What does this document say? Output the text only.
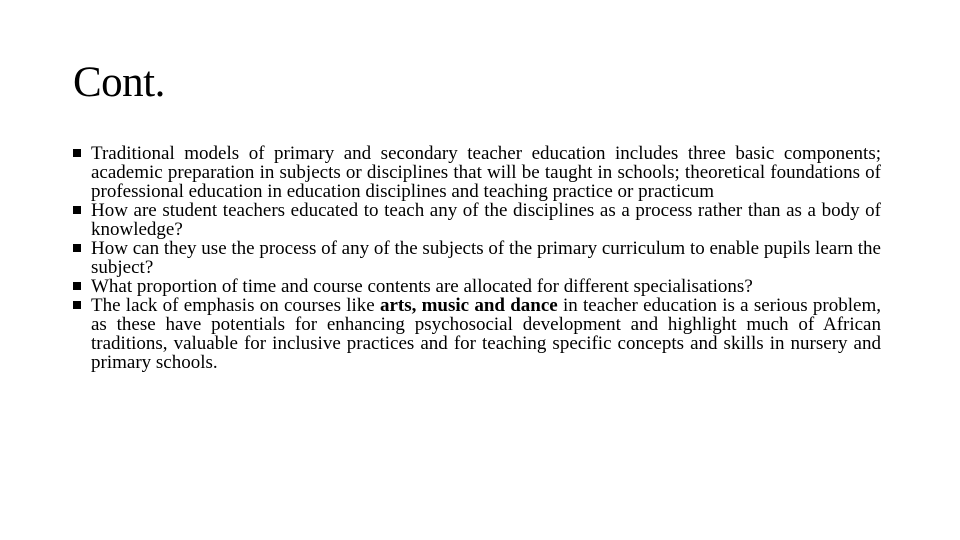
Cont.
Traditional models of primary and secondary teacher education includes three basic components; academic preparation in subjects or disciplines that will be taught in schools; theoretical foundations of professional education in education disciplines and teaching practice or practicum
How are student teachers educated to teach any of the disciplines as a process rather than as a body of knowledge?
How can they use the process of any of the subjects of the primary curriculum to enable pupils learn the subject?
What proportion of time and course contents are allocated for different specialisations?
The lack of emphasis on courses like arts, music and dance in teacher education is a serious problem, as these have potentials for enhancing psychosocial development and highlight much of African traditions, valuable for inclusive practices and for teaching specific concepts and skills in nursery and primary schools.
